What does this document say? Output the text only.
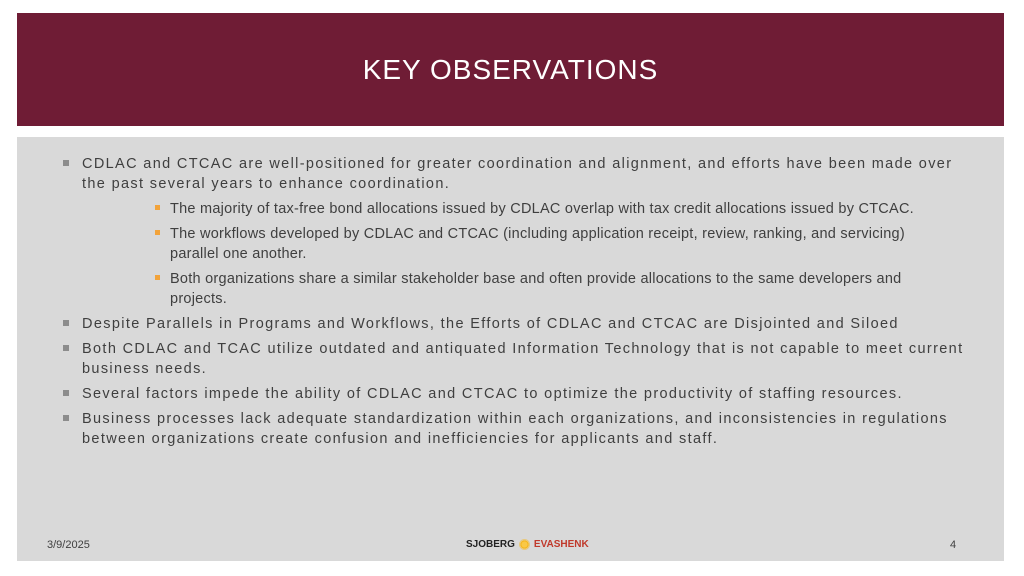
KEY OBSERVATIONS
CDLAC and CTCAC are well-positioned for greater coordination and alignment, and efforts have been made over the past several years to enhance coordination.
The majority of tax-free bond allocations issued by CDLAC overlap with tax credit allocations issued by CTCAC.
The workflows developed by CDLAC and CTCAC (including application receipt, review, ranking, and servicing) parallel one another.
Both organizations share a similar stakeholder base and often provide allocations to the same developers and projects.
Despite Parallels in Programs and Workflows, the Efforts of CDLAC and CTCAC are Disjointed and Siloed
Both CDLAC and TCAC utilize outdated and antiquated Information Technology that is not capable to meet current business needs.
Several factors impede the ability of CDLAC and CTCAC to optimize the productivity of staffing resources.
Business processes lack adequate standardization within each organizations, and inconsistencies in regulations between organizations create confusion and inefficiencies for applicants and staff.
3/9/2025	SJOBERG EVASHENK	4
